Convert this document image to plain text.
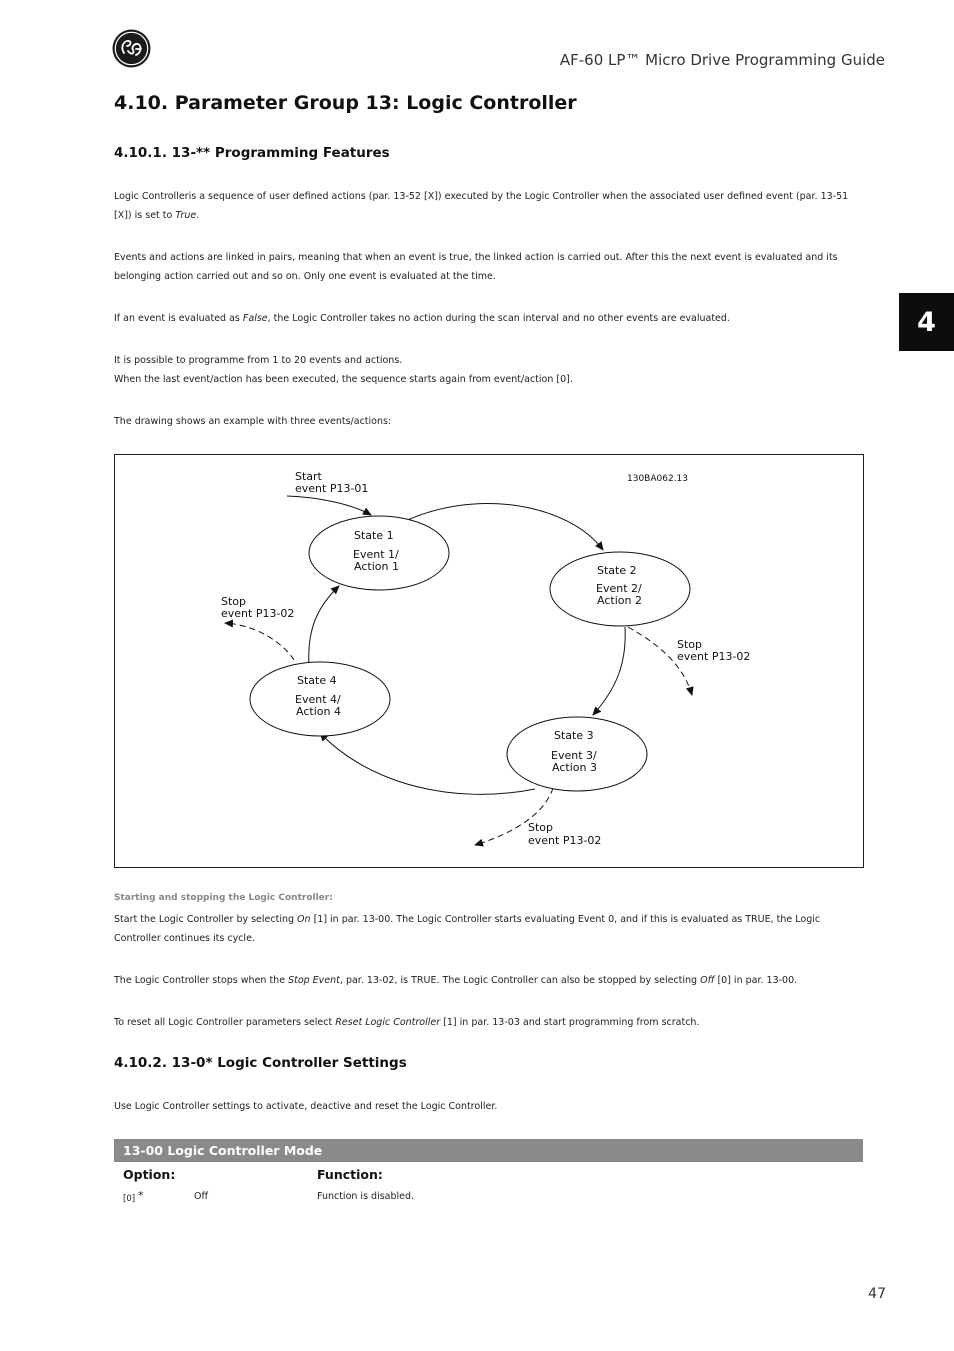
AF-60 LP™ Micro Drive Programming Guide
4
4.10. Parameter Group 13: Logic Controller
4.10.1. 13-** Programming Features
Logic Controlleris a sequence of user defined actions (par. 13-52 [X]) executed by the Logic Controller when the associated user defined event (par. 13-51 [X]) is set to True.
Events and actions are linked in pairs, meaning that when an event is true, the linked action is carried out. After this the next event is evaluated and its belonging action carried out and so on. Only one event is evaluated at the time.
If an event is evaluated as False, the Logic Controller takes no action during the scan interval and no other events are evaluated.
It is possible to programme from 1 to 20 events and actions.
When the last event/action has been executed, the sequence starts again from event/action [0].
The drawing shows an example with three events/actions:
Start
event P13-01
130BA062.13
State 1
Event 1/
Action 1	State 2
Event 2/
Action 2
State 3
Event 3/
Action 3
State 4
Event 4/
Action 4
Stop
event P13-02
Stop
event P13-02
Stop
event P13-02
Starting and stopping the Logic Controller:
Start the Logic Controller by selecting On [1] in par. 13-00. The Logic Controller starts evaluating Event 0, and if this is evaluated as TRUE, the Logic Controller continues its cycle.
The Logic Controller stops when the Stop Event, par. 13-02, is TRUE. The Logic Controller can also be stopped by selecting Off [0] in par. 13-00.
To reset all Logic Controller parameters select Reset Logic Controller [1] in par. 13-03 and start programming from scratch.
4.10.2. 13-0* Logic Controller Settings
Use Logic Controller settings to activate, deactive and reset the Logic Controller.
13-00 Logic Controller Mode
Option:	Function:
[0] *	Off	Function is disabled.
47
